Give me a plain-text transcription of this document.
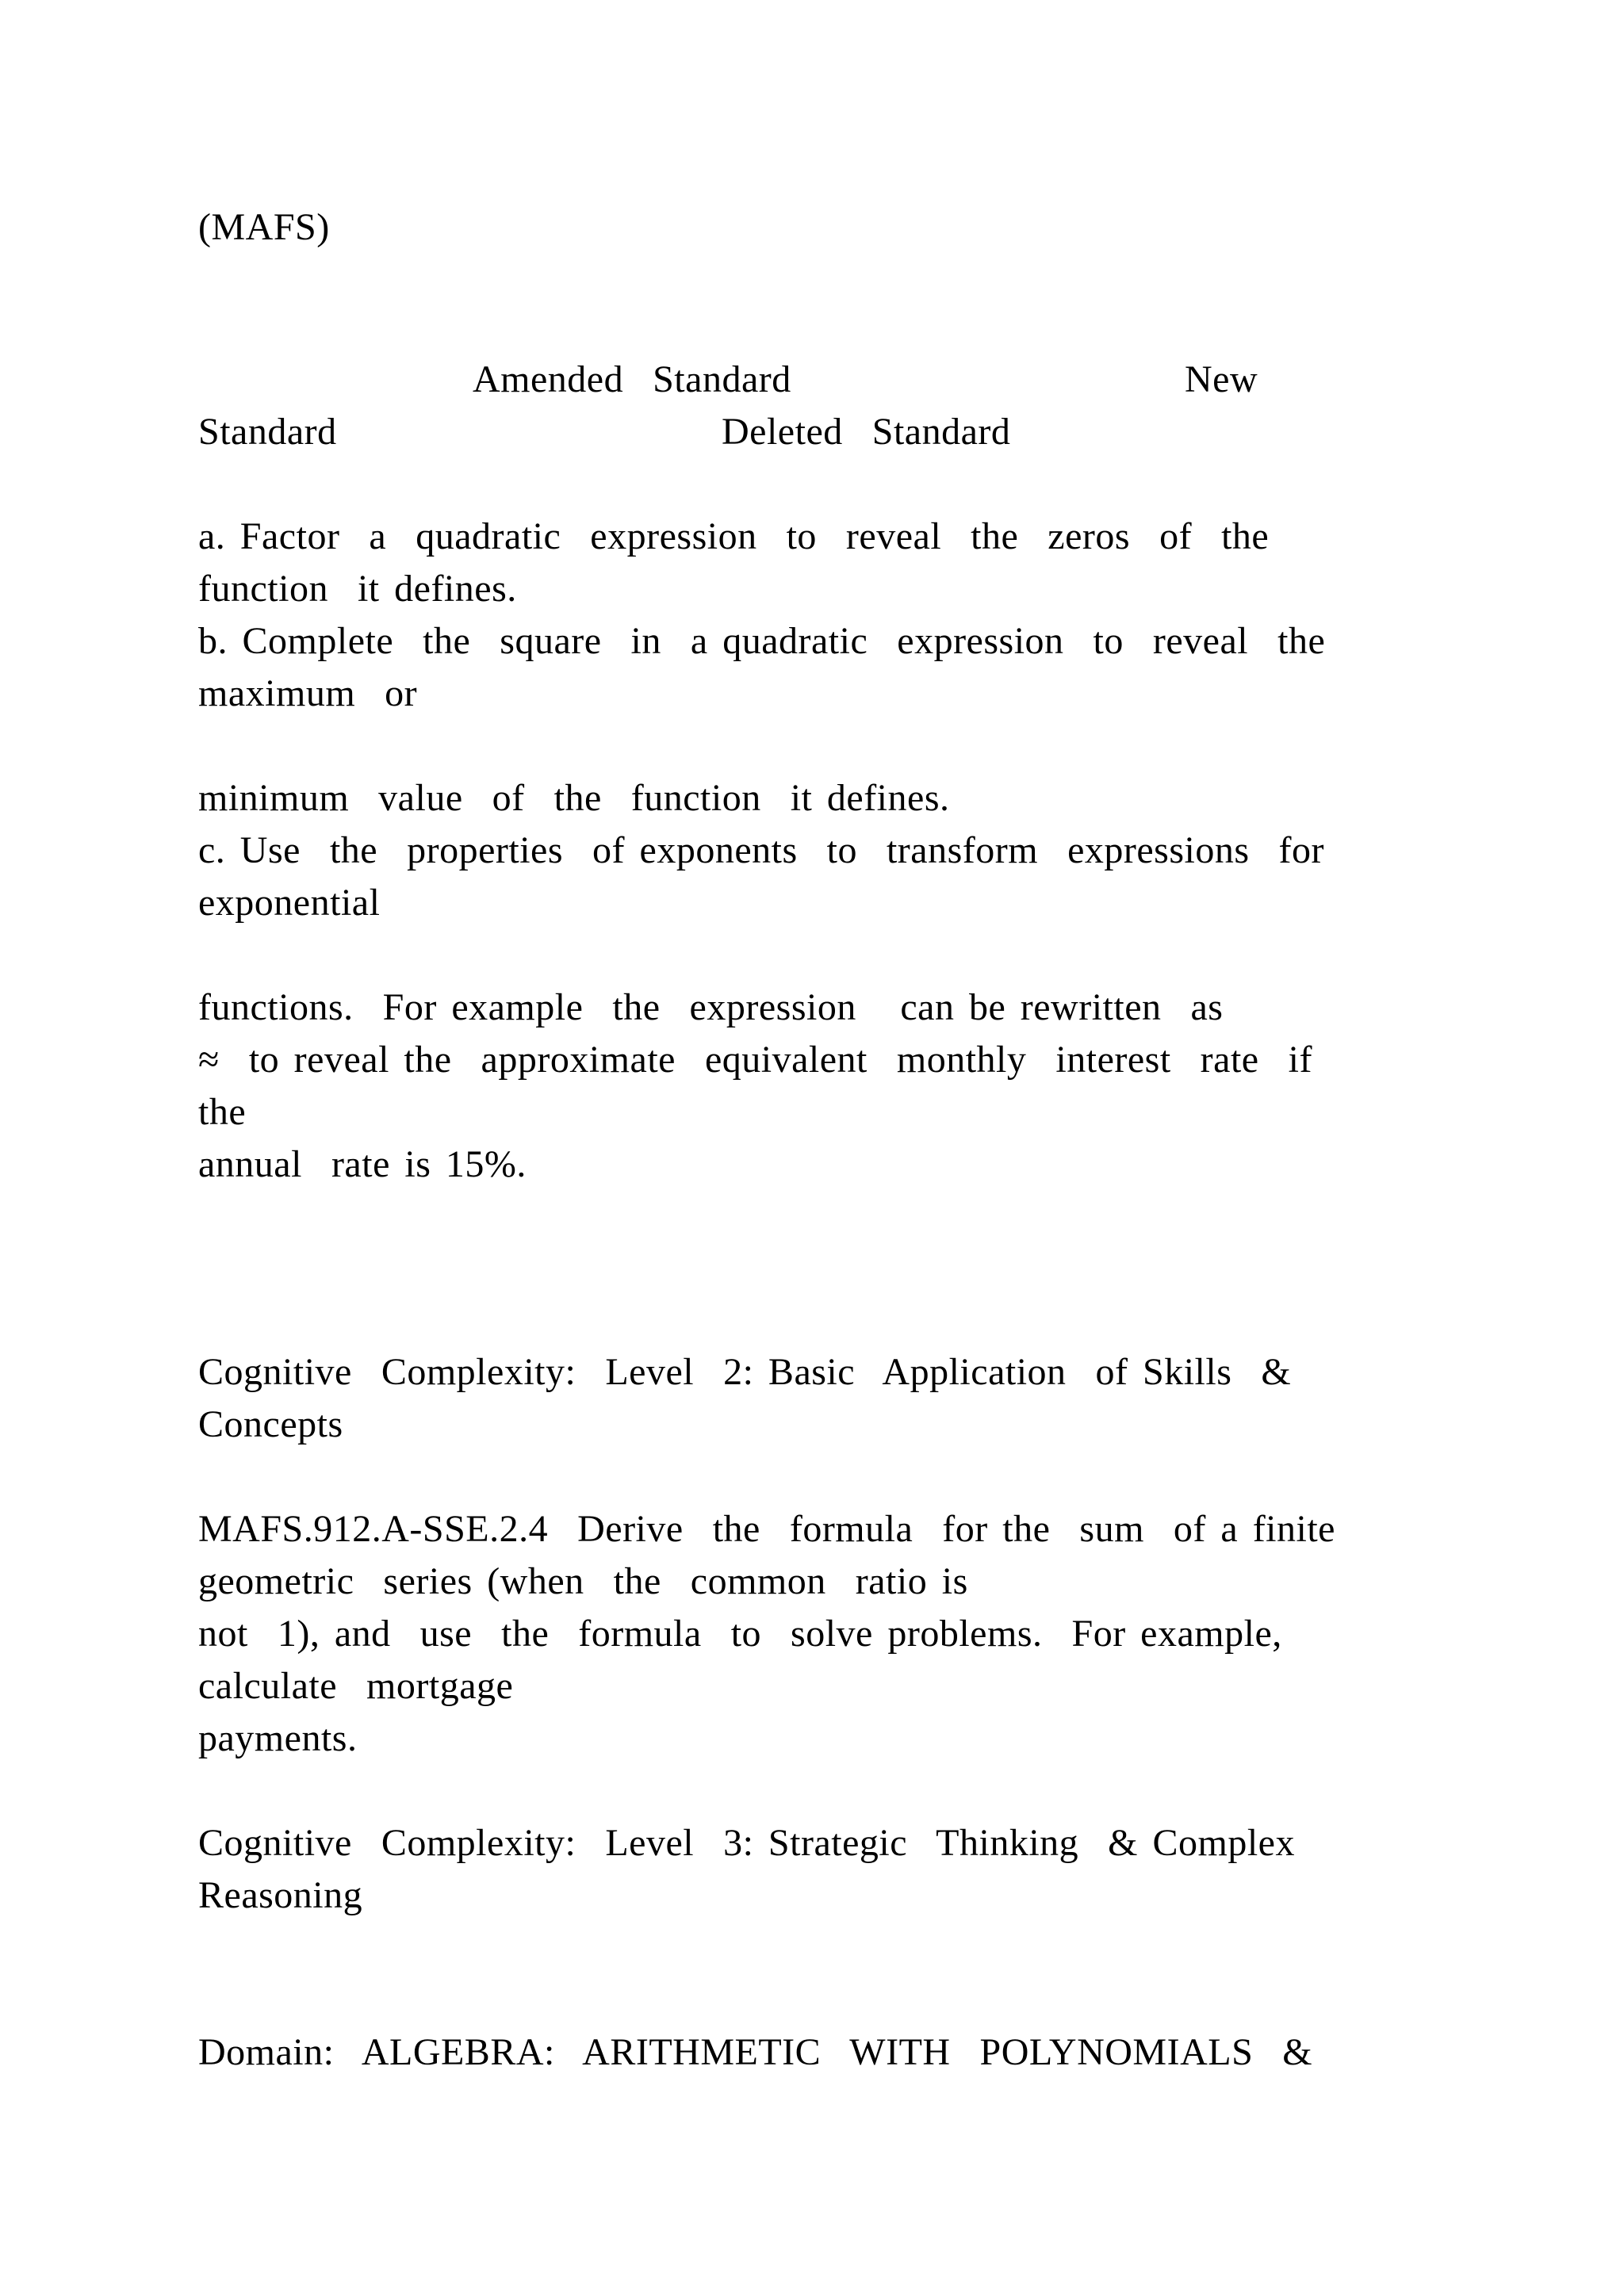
(MAFS)
Amended  Standard	New
Standard	Deleted  Standard
a. Factor  a  quadratic  expression  to  reveal  the  zeros  of  the
function  it defines.
b. Complete  the  square  in  a quadratic  expression  to  reveal  the
maximum  or
minimum  value  of  the  function  it defines.
c. Use  the  properties  of exponents  to  transform  expressions  for
exponential
functions.  For example  the  expression   can be rewritten  as
≈  to reveal the  approximate  equivalent  monthly  interest  rate  if
the
annual  rate is 15%.
Cognitive  Complexity:  Level  2: Basic  Application  of Skills  &
Concepts
MAFS.912.A-SSE.2.4  Derive  the  formula  for the  sum  of a finite
geometric  series (when  the  common  ratio is
not  1), and  use  the  formula  to  solve problems.  For example,
calculate  mortgage
payments.
Cognitive  Complexity:  Level  3: Strategic  Thinking  & Complex
Reasoning
Domain:  ALGEBRA:  ARITHMETIC  WITH  POLYNOMIALS  &
